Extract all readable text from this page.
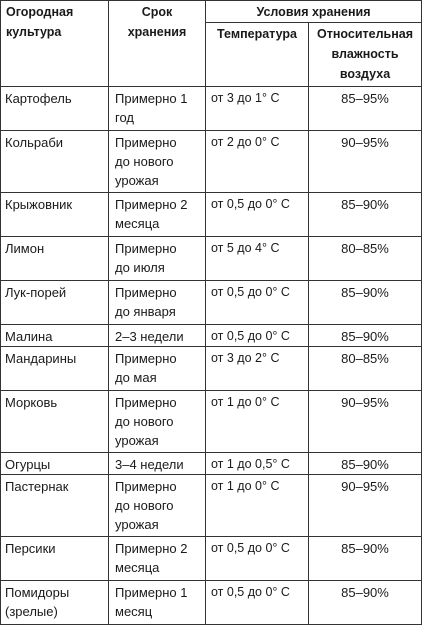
Огородная культура	Срок хранения	Условия хранения	
		Температура	Относительная влажность воздуха

Картофель	Примерно 1 год	от 3 до 1° С	85–95%

Кольраби	Примерно до нового урожая	от 2 до 0° С	90–95%

Крыжовник	Примерно 2 месяца	от 0,5 до 0° С	85–90%

Лимон	Примерно до июля	от 5 до 4° С	80–85%

Лук-порей	Примерно до января	от 0,5 до 0° С	85–90%

Малина	2–3 недели	от 0,5 до 0° С	85–90%

Мандарины	Примерно до мая	от 3 до 2° С	80–85%

Морковь	Примерно до нового урожая	от 1 до 0° С	90–95%

Огурцы	3–4 недели	от 1 до 0,5° С	85–90%

Пастернак	Примерно до нового урожая	от 1 до 0° С	90–95%

Персики	Примерно 2 месяца	от 0,5 до 0° С	85–90%

Помидоры (зрелые)	Примерно 1 месяц	от 0,5 до 0° С	85–90%
